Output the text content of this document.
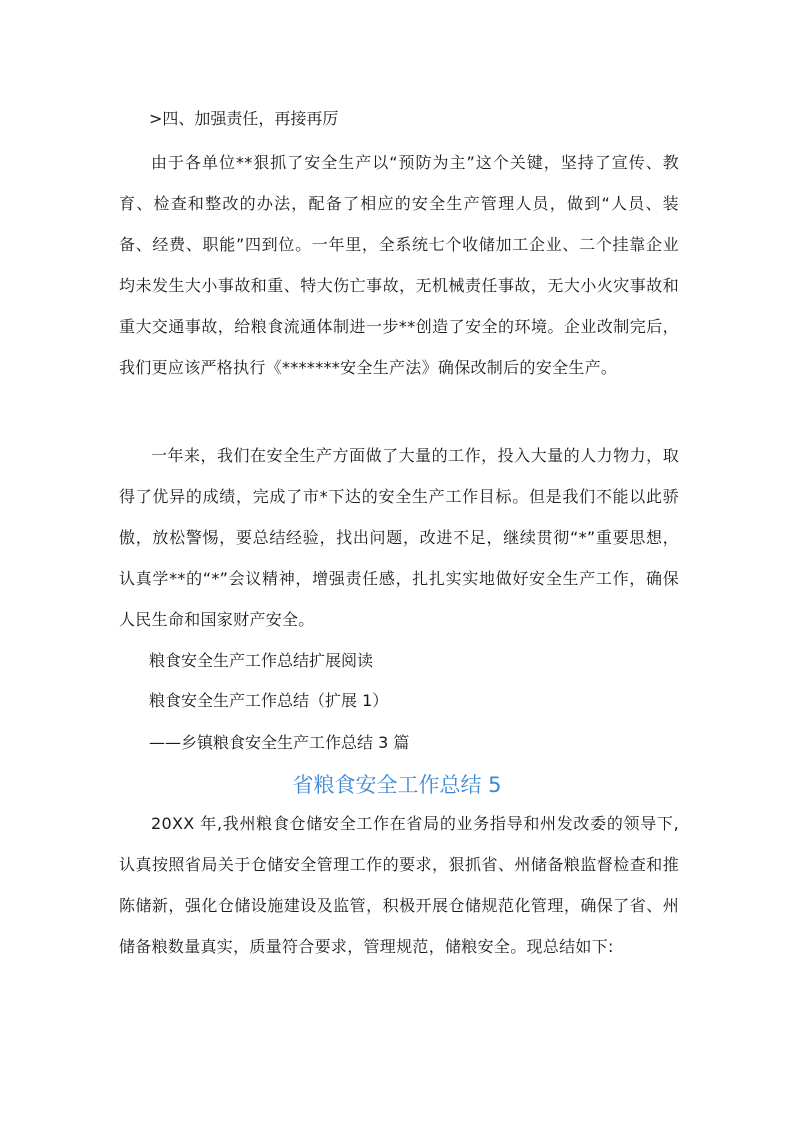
>四、加强责任，再接再厉

由于各单位**狠抓了安全生产以“预防为主”这个关键，坚持了宣传、教育、检查和整改的办法，配备了相应的安全生产管理人员，做到“人员、装备、经费、职能”四到位。一年里，全系统七个收储加工企业、二个挂靠企业均未发生大小事故和重、特大伤亡事故，无机械责任事故，无大小火灾事故和重大交通事故，给粮食流通体制进一步**创造了安全的环境。企业改制完后，我们更应该严格执行《*******安全生产法》确保改制后的安全生产。

一年来，我们在安全生产方面做了大量的工作，投入大量的人力物力，取得了优异的成绩，完成了市*下达的安全生产工作目标。但是我们不能以此骄傲，放松警惕，要总结经验，找出问题，改进不足，继续贯彻“*”重要思想，认真学**的“*”会议精神，增强责任感，扎扎实实地做好安全生产工作，确保人民生命和国家财产安全。

粮食安全生产工作总结扩展阅读

粮食安全生产工作总结（扩展 1）

——乡镇粮食安全生产工作总结 3 篇

省粮食安全工作总结 5

20XX 年,我州粮食仓储安全工作在省局的业务指导和州发改委的领导下,认真按照省局关于仓储安全管理工作的要求，狠抓省、州储备粮监督检查和推陈储新，强化仓储设施建设及监管，积极开展仓储规范化管理，确保了省、州储备粮数量真实，质量符合要求，管理规范，储粮安全。现总结如下:
